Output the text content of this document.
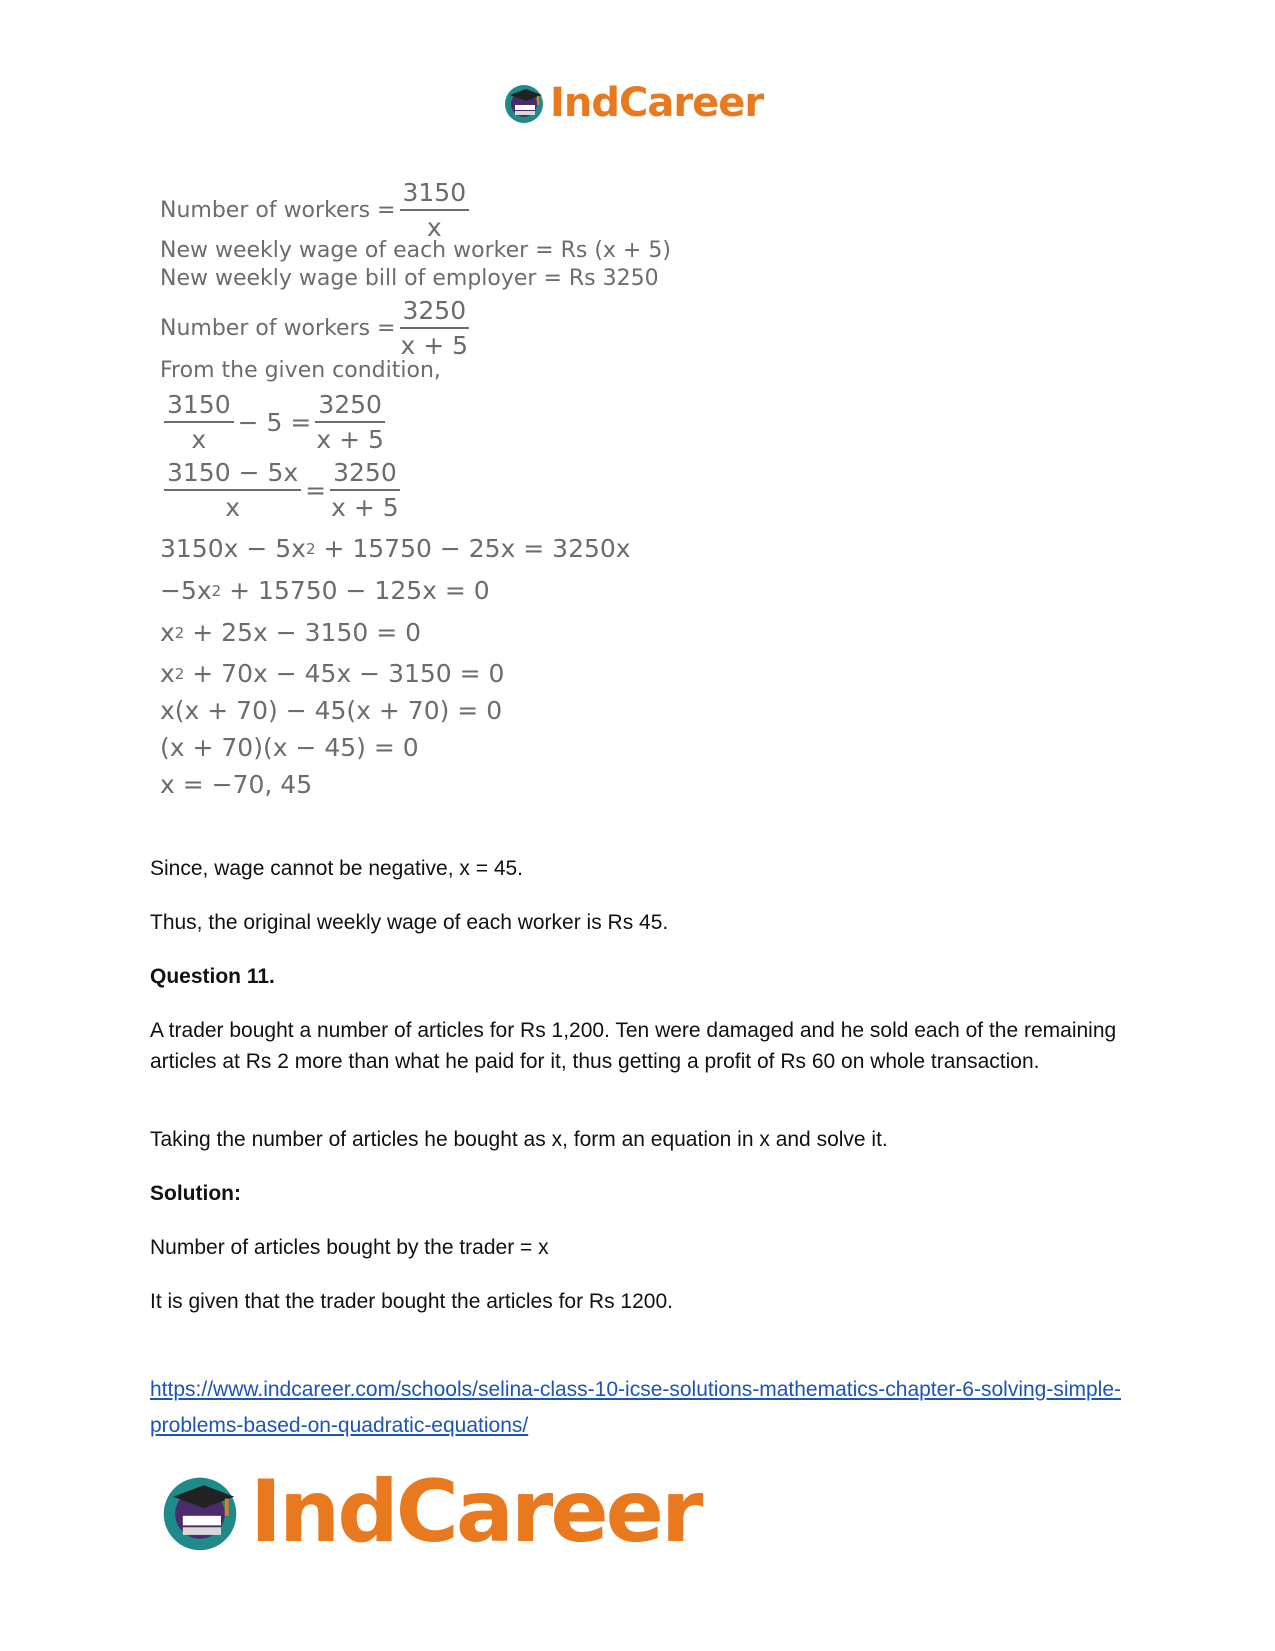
IndCareer
Number of workers = $\frac{3150}{x}$
New weekly wage of each worker = Rs (x + 5)
New weekly wage bill of employer = Rs 3250
Number of workers = $\frac{3250}{x + 5}$
From the given condition,
$\frac{3150}{x} - 5 = \frac{3250}{x + 5}$
$\frac{3150 - 5x}{x} = \frac{3250}{x + 5}$
3150x − 5x 2 + 15750 − 25x = 3250x
−5x 2 + 15750 − 125x = 0
x 2 + 25x − 3150 = 0
x 2 + 70x − 45x − 3150 = 0
x(x + 70) − 45(x + 70) = 0
(x + 70)(x − 45) = 0
x = −70, 45
Since, wage cannot be negative, x = 45.
Thus, the original weekly wage of each worker is Rs 45.
Question 11.
A trader bought a number of articles for Rs 1,200. Ten were damaged and he sold each of the remaining articles at Rs 2 more than what he paid for it, thus getting a profit of Rs 60 on whole transaction.
Taking the number of articles he bought as x, form an equation in x and solve it.
Solution:
Number of articles bought by the trader = x
It is given that the trader bought the articles for Rs 1200.
https://www.indcareer.com/schools/selina-class-10-icse-solutions-mathematics-chapter-6-solving-simple-problems-based-on-quadratic-equations/
IndCareer
